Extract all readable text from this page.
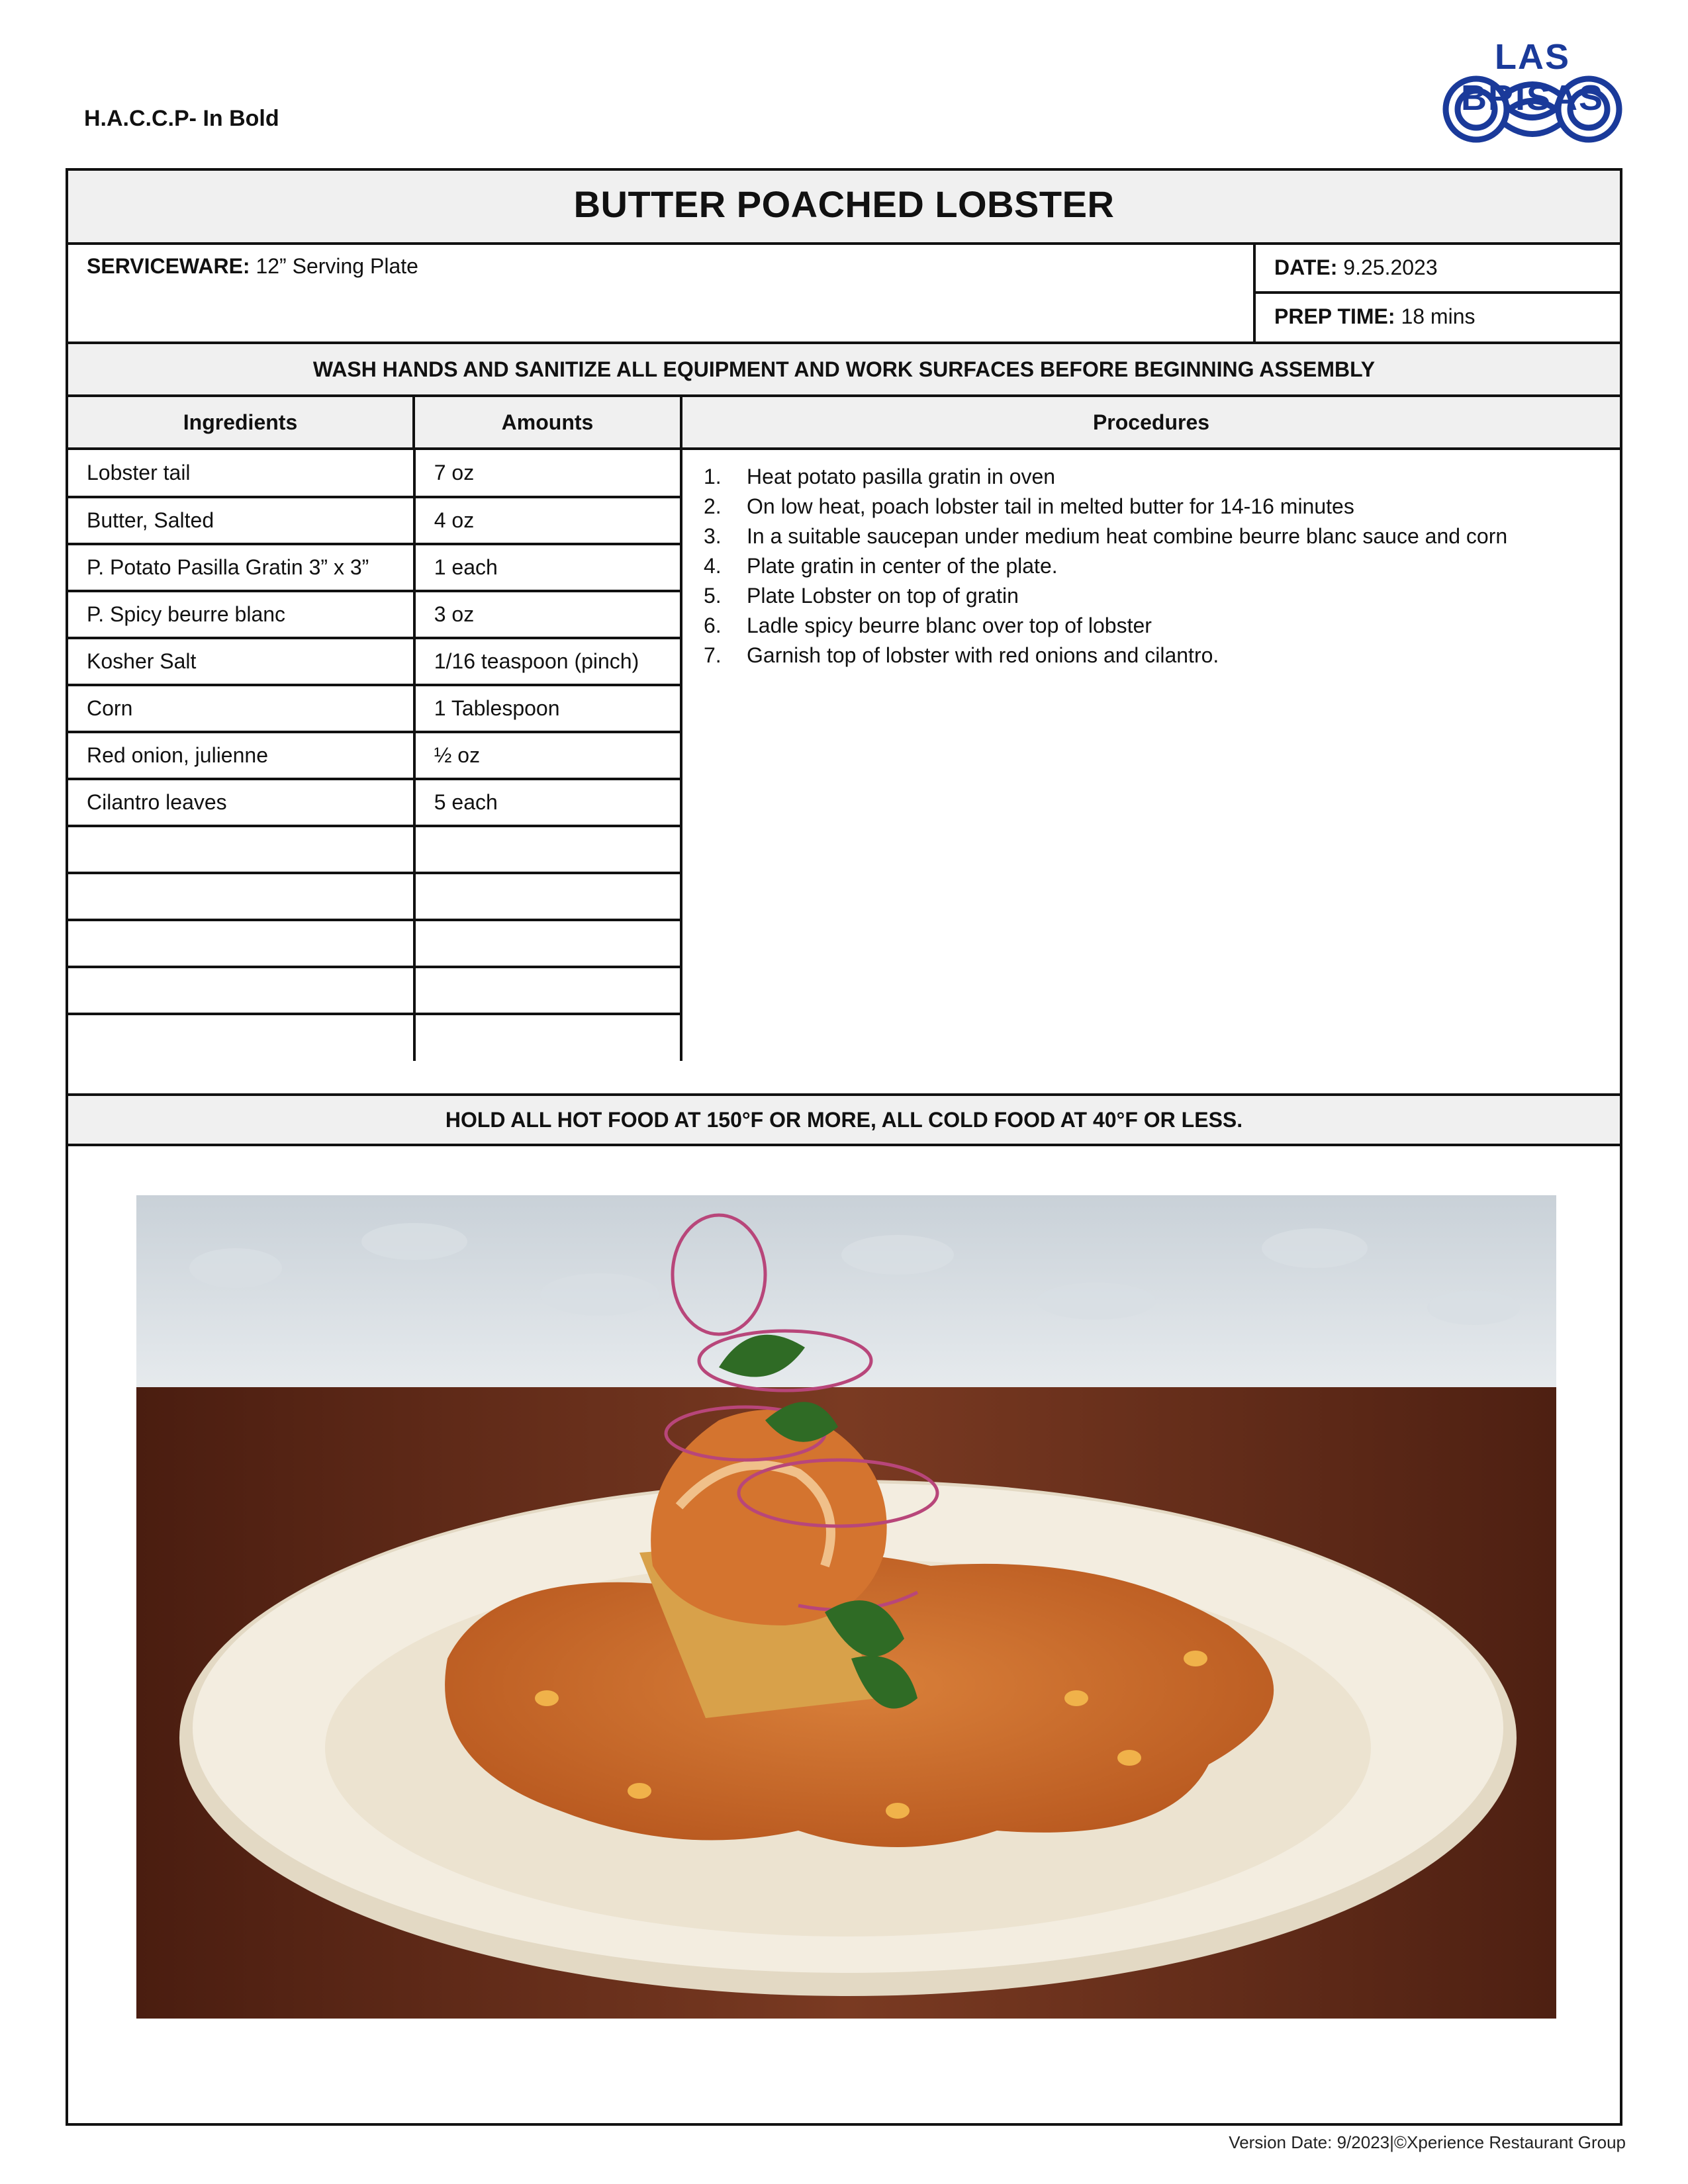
H.A.C.C.P- In Bold
LAS BRISAS
BUTTER POACHED LOBSTER
SERVICEWARE: 12” Serving Plate	DATE: 9.25.2023
PREP TIME: 18 mins
WASH HANDS AND SANITIZE ALL EQUIPMENT AND WORK SURFACES BEFORE BEGINNING ASSEMBLY
Ingredients	Amounts	Procedures
Lobster tail	7 oz
Butter, Salted	4 oz
P. Potato Pasilla Gratin 3” x 3”	1 each
P. Spicy beurre blanc	3 oz
Kosher Salt	1/16 teaspoon (pinch)
Corn	1 Tablespoon
Red onion, julienne	½ oz
Cilantro leaves	5 each

1. Heat potato pasilla gratin in oven
2. On low heat, poach lobster tail in melted butter for 14-16 minutes
3. In a suitable saucepan under medium heat combine beurre blanc sauce and corn
4. Plate gratin in center of the plate.
5. Plate Lobster on top of gratin
6. Ladle spicy beurre blanc over top of lobster
7. Garnish top of lobster with red onions and cilantro.
HOLD ALL HOT FOOD AT 150°F OR MORE, ALL COLD FOOD AT 40°F OR LESS.
Version Date: 9/2023|©Xperience Restaurant Group
